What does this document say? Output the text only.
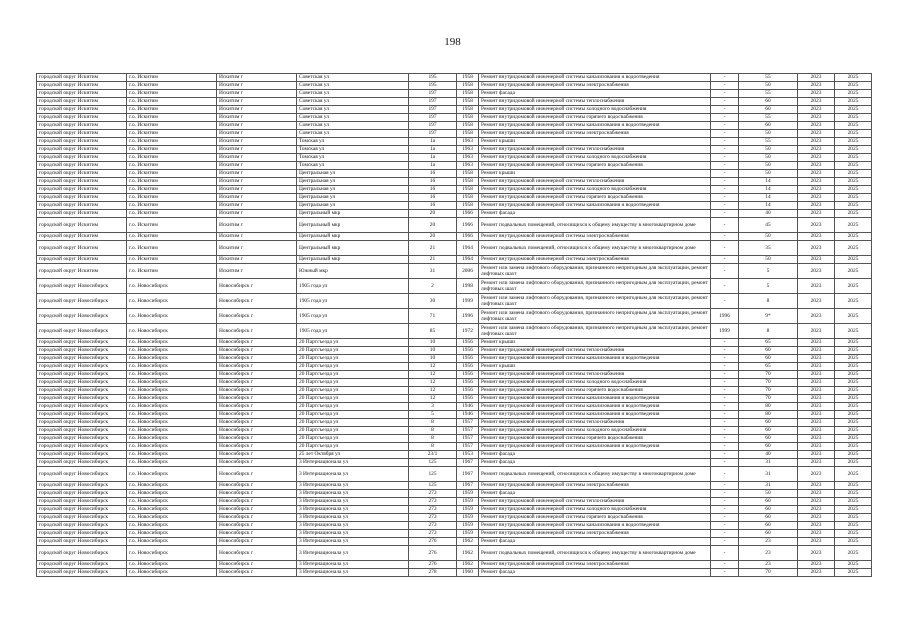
198
городской округ Искитим	г.о. Искитим	Искитим г	Советская ул	195	1958	Ремонт внутридомовой инженерной системы канализования и водоотведения	-	55	2023	2025
городской округ Искитим	г.о. Искитим	Искитим г	Советская ул	195	1958	Ремонт внутридомовой инженерной системы электроснабжения	-	50	2023	2025
городской округ Искитим	г.о. Искитим	Искитим г	Советская ул	197	1958	Ремонт фасада	-	55	2023	2025
городской округ Искитим	г.о. Искитим	Искитим г	Советская ул	197	1958	Ремонт внутридомовой инженерной системы теплоснабжения	-	60	2023	2025
городской округ Искитим	г.о. Искитим	Искитим г	Советская ул	197	1958	Ремонт внутридомовой инженерной системы холодного водоснабжения	-	60	2023	2025
городской округ Искитим	г.о. Искитим	Искитим г	Советская ул	197	1958	Ремонт внутридомовой инженерной системы горячего водоснабжения	-	55	2023	2025
городской округ Искитим	г.о. Искитим	Искитим г	Советская ул	197	1958	Ремонт внутридомовой инженерной системы канализования и водоотведения	-	60	2023	2025
городской округ Искитим	г.о. Искитим	Искитим г	Советская ул	197	1958	Ремонт внутридомовой инженерной системы электроснабжения	-	50	2023	2025
городской округ Искитим	г.о. Искитим	Искитим г	Томская ул	1а	1963	Ремонт крыши	-	55	2023	2025
городской округ Искитим	г.о. Искитим	Искитим г	Томская ул	1а	1963	Ремонт внутридомовой инженерной системы теплоснабжения	-	50	2023	2025
городской округ Искитим	г.о. Искитим	Искитим г	Томская ул	1а	1963	Ремонт внутридомовой инженерной системы холодного водоснабжения	-	50	2023	2025
городской округ Искитим	г.о. Искитим	Искитим г	Томская ул	1а	1963	Ремонт внутридомовой инженерной системы горячего водоснабжения	-	50	2023	2025
городской округ Искитим	г.о. Искитим	Искитим г	Центральная ул	16	1958	Ремонт крыши	-	50	2023	2025
городской округ Искитим	г.о. Искитим	Искитим г	Центральная ул	16	1958	Ремонт внутридомовой инженерной системы теплоснабжения	-	14	2023	2025
городской округ Искитим	г.о. Искитим	Искитим г	Центральная ул	16	1958	Ремонт внутридомовой инженерной системы холодного водоснабжения	-	14	2023	2025
городской округ Искитим	г.о. Искитим	Искитим г	Центральная ул	16	1958	Ремонт внутридомовой инженерной системы горячего водоснабжения	-	14	2023	2025
городской округ Искитим	г.о. Искитим	Искитим г	Центральная ул	16	1958	Ремонт внутридомовой инженерной системы канализования и водоотведения	-	14	2023	2025
городской округ Искитим	г.о. Искитим	Искитим г	Центральный мкр	20	1966	Ремонт фасада	-	40	2023	2025
городской округ Искитим	г.о. Искитим	Искитим г	Центральный мкр	20	1966	Ремонт подвальных помещений, относящихся к общему имуществу в многоквартирном доме	-	45	2023	2025
городской округ Искитим	г.о. Искитим	Искитим г	Центральный мкр	20	1966	Ремонт внутридомовой инженерной системы электроснабжения	-	50	2023	2025
городской округ Искитим	г.о. Искитим	Искитим г	Центральный мкр	21	1964	Ремонт подвальных помещений, относящихся к общему имуществу в многоквартирном доме	-	35	2023	2025
городской округ Искитим	г.о. Искитим	Искитим г	Центральный мкр	21	1964	Ремонт внутридомовой инженерной системы электроснабжения	-	50	2023	2025
городской округ Искитим	г.о. Искитим	Искитим г	Южный мкр	31	2006	Ремонт или замена лифтового оборудования, признанного непригодным для эксплуатации, ремонт лифтовых шахт	-	5	2023	2025
городской округ Новосибирск	г.о. Новосибирск	Новосибирск г	1905 года ул	2	1998	Ремонт или замена лифтового оборудования, признанного непригодным для эксплуатации, ремонт лифтовых шахт	-	5	2023	2025
городской округ Новосибирск	г.о. Новосибирск	Новосибирск г	1905 года ул	30	1999	Ремонт или замена лифтового оборудования, признанного непригодным для эксплуатации, ремонт лифтовых шахт	-	8	2023	2025
городской округ Новосибирск	г.о. Новосибирск	Новосибирск г	1905 года ул	71	1996	Ремонт или замена лифтового оборудования, признанного непригодным для эксплуатации, ремонт лифтовых шахт	1996	9*	2023	2025
городской округ Новосибирск	г.о. Новосибирск	Новосибирск г	1905 года ул	85	1972	Ремонт или замена лифтового оборудования, признанного непригодным для эксплуатации, ремонт лифтовых шахт	1999	8	2023	2025
городской округ Новосибирск	г.о. Новосибирск	Новосибирск г	20 Партсъезда ул	10	1956	Ремонт крыши	-	65	2023	2025
городской округ Новосибирск	г.о. Новосибирск	Новосибирск г	20 Партсъезда ул	10	1956	Ремонт внутридомовой инженерной системы теплоснабжения	-	60	2023	2025
городской округ Новосибирск	г.о. Новосибирск	Новосибирск г	20 Партсъезда ул	10	1956	Ремонт внутридомовой инженерной системы канализования и водоотведения	-	60	2023	2025
городской округ Новосибирск	г.о. Новосибирск	Новосибирск г	20 Партсъезда ул	12	1956	Ремонт крыши	-	65	2023	2025
городской округ Новосибирск	г.о. Новосибирск	Новосибирск г	20 Партсъезда ул	12	1956	Ремонт внутридомовой инженерной системы теплоснабжения	-	70	2023	2025
городской округ Новосибирск	г.о. Новосибирск	Новосибирск г	20 Партсъезда ул	12	1956	Ремонт внутридомовой инженерной системы холодного водоснабжения	-	70	2023	2025
городской округ Новосибирск	г.о. Новосибирск	Новосибирск г	20 Партсъезда ул	12	1956	Ремонт внутридомовой инженерной системы горячего водоснабжения	-	70	2023	2025
городской округ Новосибирск	г.о. Новосибирск	Новосибирск г	20 Партсъезда ул	12	1956	Ремонт внутридомовой инженерной системы канализования и водоотведения	-	70	2023	2025
городской округ Новосибирск	г.о. Новосибирск	Новосибирск г	20 Партсъезда ул	3	1946	Ремонт внутридомовой инженерной системы канализования и водоотведения	-	80	2023	2025
городской округ Новосибирск	г.о. Новосибирск	Новосибирск г	20 Партсъезда ул	5	1946	Ремонт внутридомовой инженерной системы канализования и водоотведения	-	80	2023	2025
городской округ Новосибирск	г.о. Новосибирск	Новосибирск г	20 Партсъезда ул	8	1957	Ремонт внутридомовой инженерной системы теплоснабжения	-	60	2023	2025
городской округ Новосибирск	г.о. Новосибирск	Новосибирск г	20 Партсъезда ул	8	1957	Ремонт внутридомовой инженерной системы холодного водоснабжения	-	60	2023	2025
городской округ Новосибирск	г.о. Новосибирск	Новосибирск г	20 Партсъезда ул	8	1957	Ремонт внутридомовой инженерной системы горячего водоснабжения	-	60	2023	2025
городской округ Новосибирск	г.о. Новосибирск	Новосибирск г	20 Партсъезда ул	8	1957	Ремонт внутридомовой инженерной системы канализования и водоотведения	-	60	2023	2025
городской округ Новосибирск	г.о. Новосибирск	Новосибирск г	25 лет Октября ул	23/1	1953	Ремонт фасада	-	40	2023	2025
городской округ Новосибирск	г.о. Новосибирск	Новосибирск г	3 Интернационала ул	125	1967	Ремонт фасада	-	31	2023	2025
городской округ Новосибирск	г.о. Новосибирск	Новосибирск г	3 Интернационала ул	125	1967	Ремонт подвальных помещений, относящихся к общему имуществу в многоквартирном доме	-	31	2023	2025
городской округ Новосибирск	г.о. Новосибирск	Новосибирск г	3 Интернационала ул	125	1967	Ремонт внутридомовой инженерной системы электроснабжения	-	31	2023	2025
городской округ Новосибирск	г.о. Новосибирск	Новосибирск г	3 Интернационала ул	273	1959	Ремонт фасада	-	50	2023	2025
городской округ Новосибирск	г.о. Новосибирск	Новосибирск г	3 Интернационала ул	273	1959	Ремонт внутридомовой инженерной системы теплоснабжения	-	60	2023	2025
городской округ Новосибирск	г.о. Новосибирск	Новосибирск г	3 Интернационала ул	273	1959	Ремонт внутридомовой инженерной системы холодного водоснабжения	-	60	2023	2025
городской округ Новосибирск	г.о. Новосибирск	Новосибирск г	3 Интернационала ул	273	1959	Ремонт внутридомовой инженерной системы горячего водоснабжения	-	60	2023	2025
городской округ Новосибирск	г.о. Новосибирск	Новосибирск г	3 Интернационала ул	273	1959	Ремонт внутридомовой инженерной системы канализования и водоотведения	-	60	2023	2025
городской округ Новосибирск	г.о. Новосибирск	Новосибирск г	3 Интернационала ул	273	1959	Ремонт внутридомовой инженерной системы электроснабжения	-	60	2023	2025
городской округ Новосибирск	г.о. Новосибирск	Новосибирск г	3 Интернационала ул	276	1962	Ремонт фасада	-	23	2023	2025
городской округ Новосибирск	г.о. Новосибирск	Новосибирск г	3 Интернационала ул	276	1962	Ремонт подвальных помещений, относящихся к общему имуществу в многоквартирном доме	-	23	2023	2025
городской округ Новосибирск	г.о. Новосибирск	Новосибирск г	3 Интернационала ул	276	1962	Ремонт внутридомовой инженерной системы электроснабжения	-	23	2023	2025
городской округ Новосибирск	г.о. Новосибирск	Новосибирск г	3 Интернационала ул	278	1960	Ремонт фасада	-	70	2023	2025
